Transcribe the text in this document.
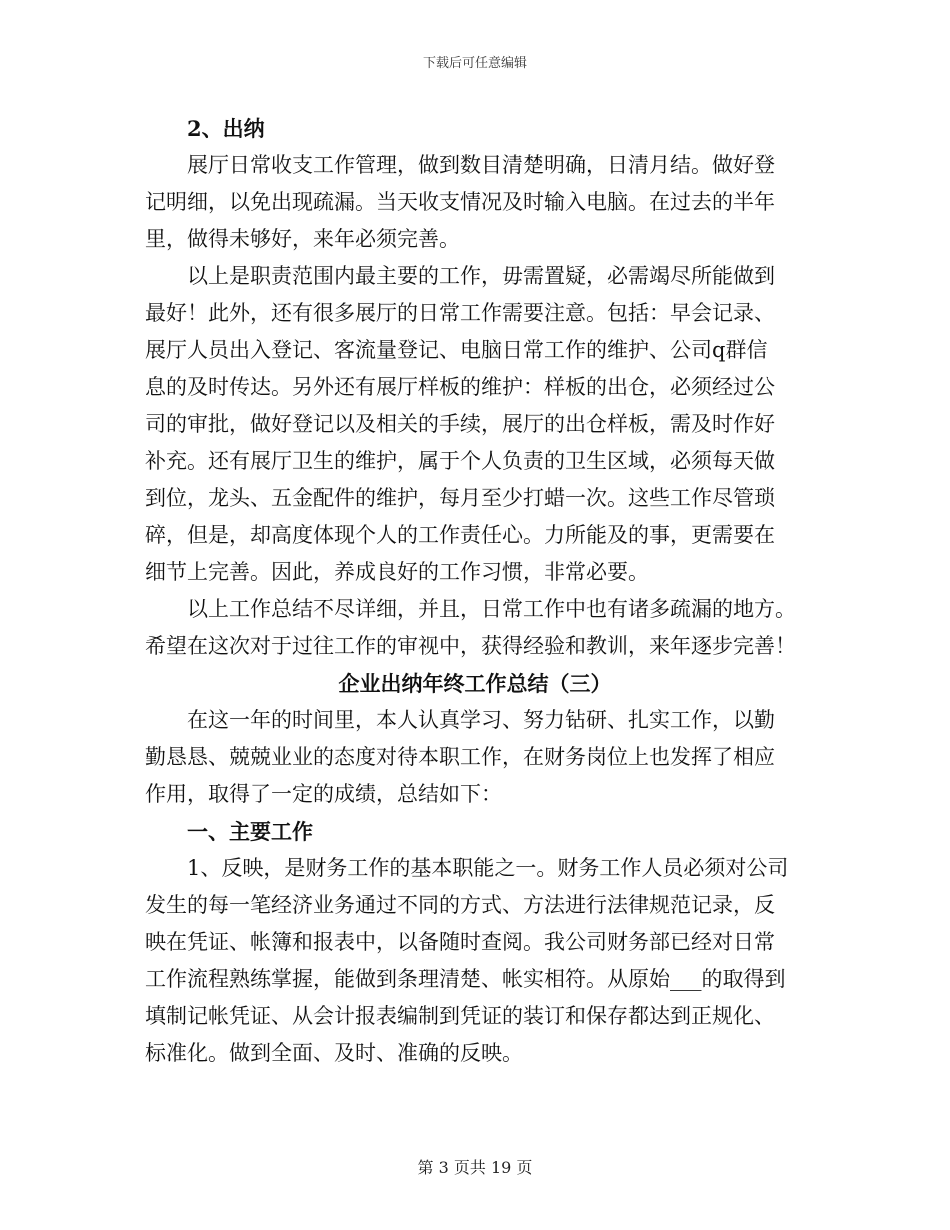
下载后可任意编辑
2、出纳
展厅日常收支工作管理，做到数目清楚明确，日清月结。做好登
记明细，以免出现疏漏。当天收支情况及时输入电脑。在过去的半年
里，做得未够好，来年必须完善。
以上是职责范围内最主要的工作，毋需置疑，必需竭尽所能做到
最好！此外，还有很多展厅的日常工作需要注意。包括：早会记录、
展厅人员出入登记、客流量登记、电脑日常工作的维护、公司q群信
息的及时传达。另外还有展厅样板的维护：样板的出仓，必须经过公
司的审批，做好登记以及相关的手续，展厅的出仓样板，需及时作好
补充。还有展厅卫生的维护，属于个人负责的卫生区域，必须每天做
到位，龙头、五金配件的维护，每月至少打蜡一次。这些工作尽管琐
碎，但是，却高度体现个人的工作责任心。力所能及的事，更需要在
细节上完善。因此，养成良好的工作习惯，非常必要。
以上工作总结不尽详细，并且，日常工作中也有诸多疏漏的地方。
希望在这次对于过往工作的审视中，获得经验和教训，来年逐步完善！
企业出纳年终工作总结（三）
在这一年的时间里，本人认真学习、努力钻研、扎实工作，以勤
勤恳恳、兢兢业业的态度对待本职工作，在财务岗位上也发挥了相应
作用，取得了一定的成绩，总结如下：
一、主要工作
1、反映，是财务工作的基本职能之一。财务工作人员必须对公司
发生的每一笔经济业务通过不同的方式、方法进行法律规范记录，反
映在凭证、帐簿和报表中，以备随时查阅。我公司财务部已经对日常
工作流程熟练掌握，能做到条理清楚、帐实相符。从原始___的取得到
填制记帐凭证、从会计报表编制到凭证的装订和保存都达到正规化、
标准化。做到全面、及时、准确的反映。
第 3 页共 19 页
